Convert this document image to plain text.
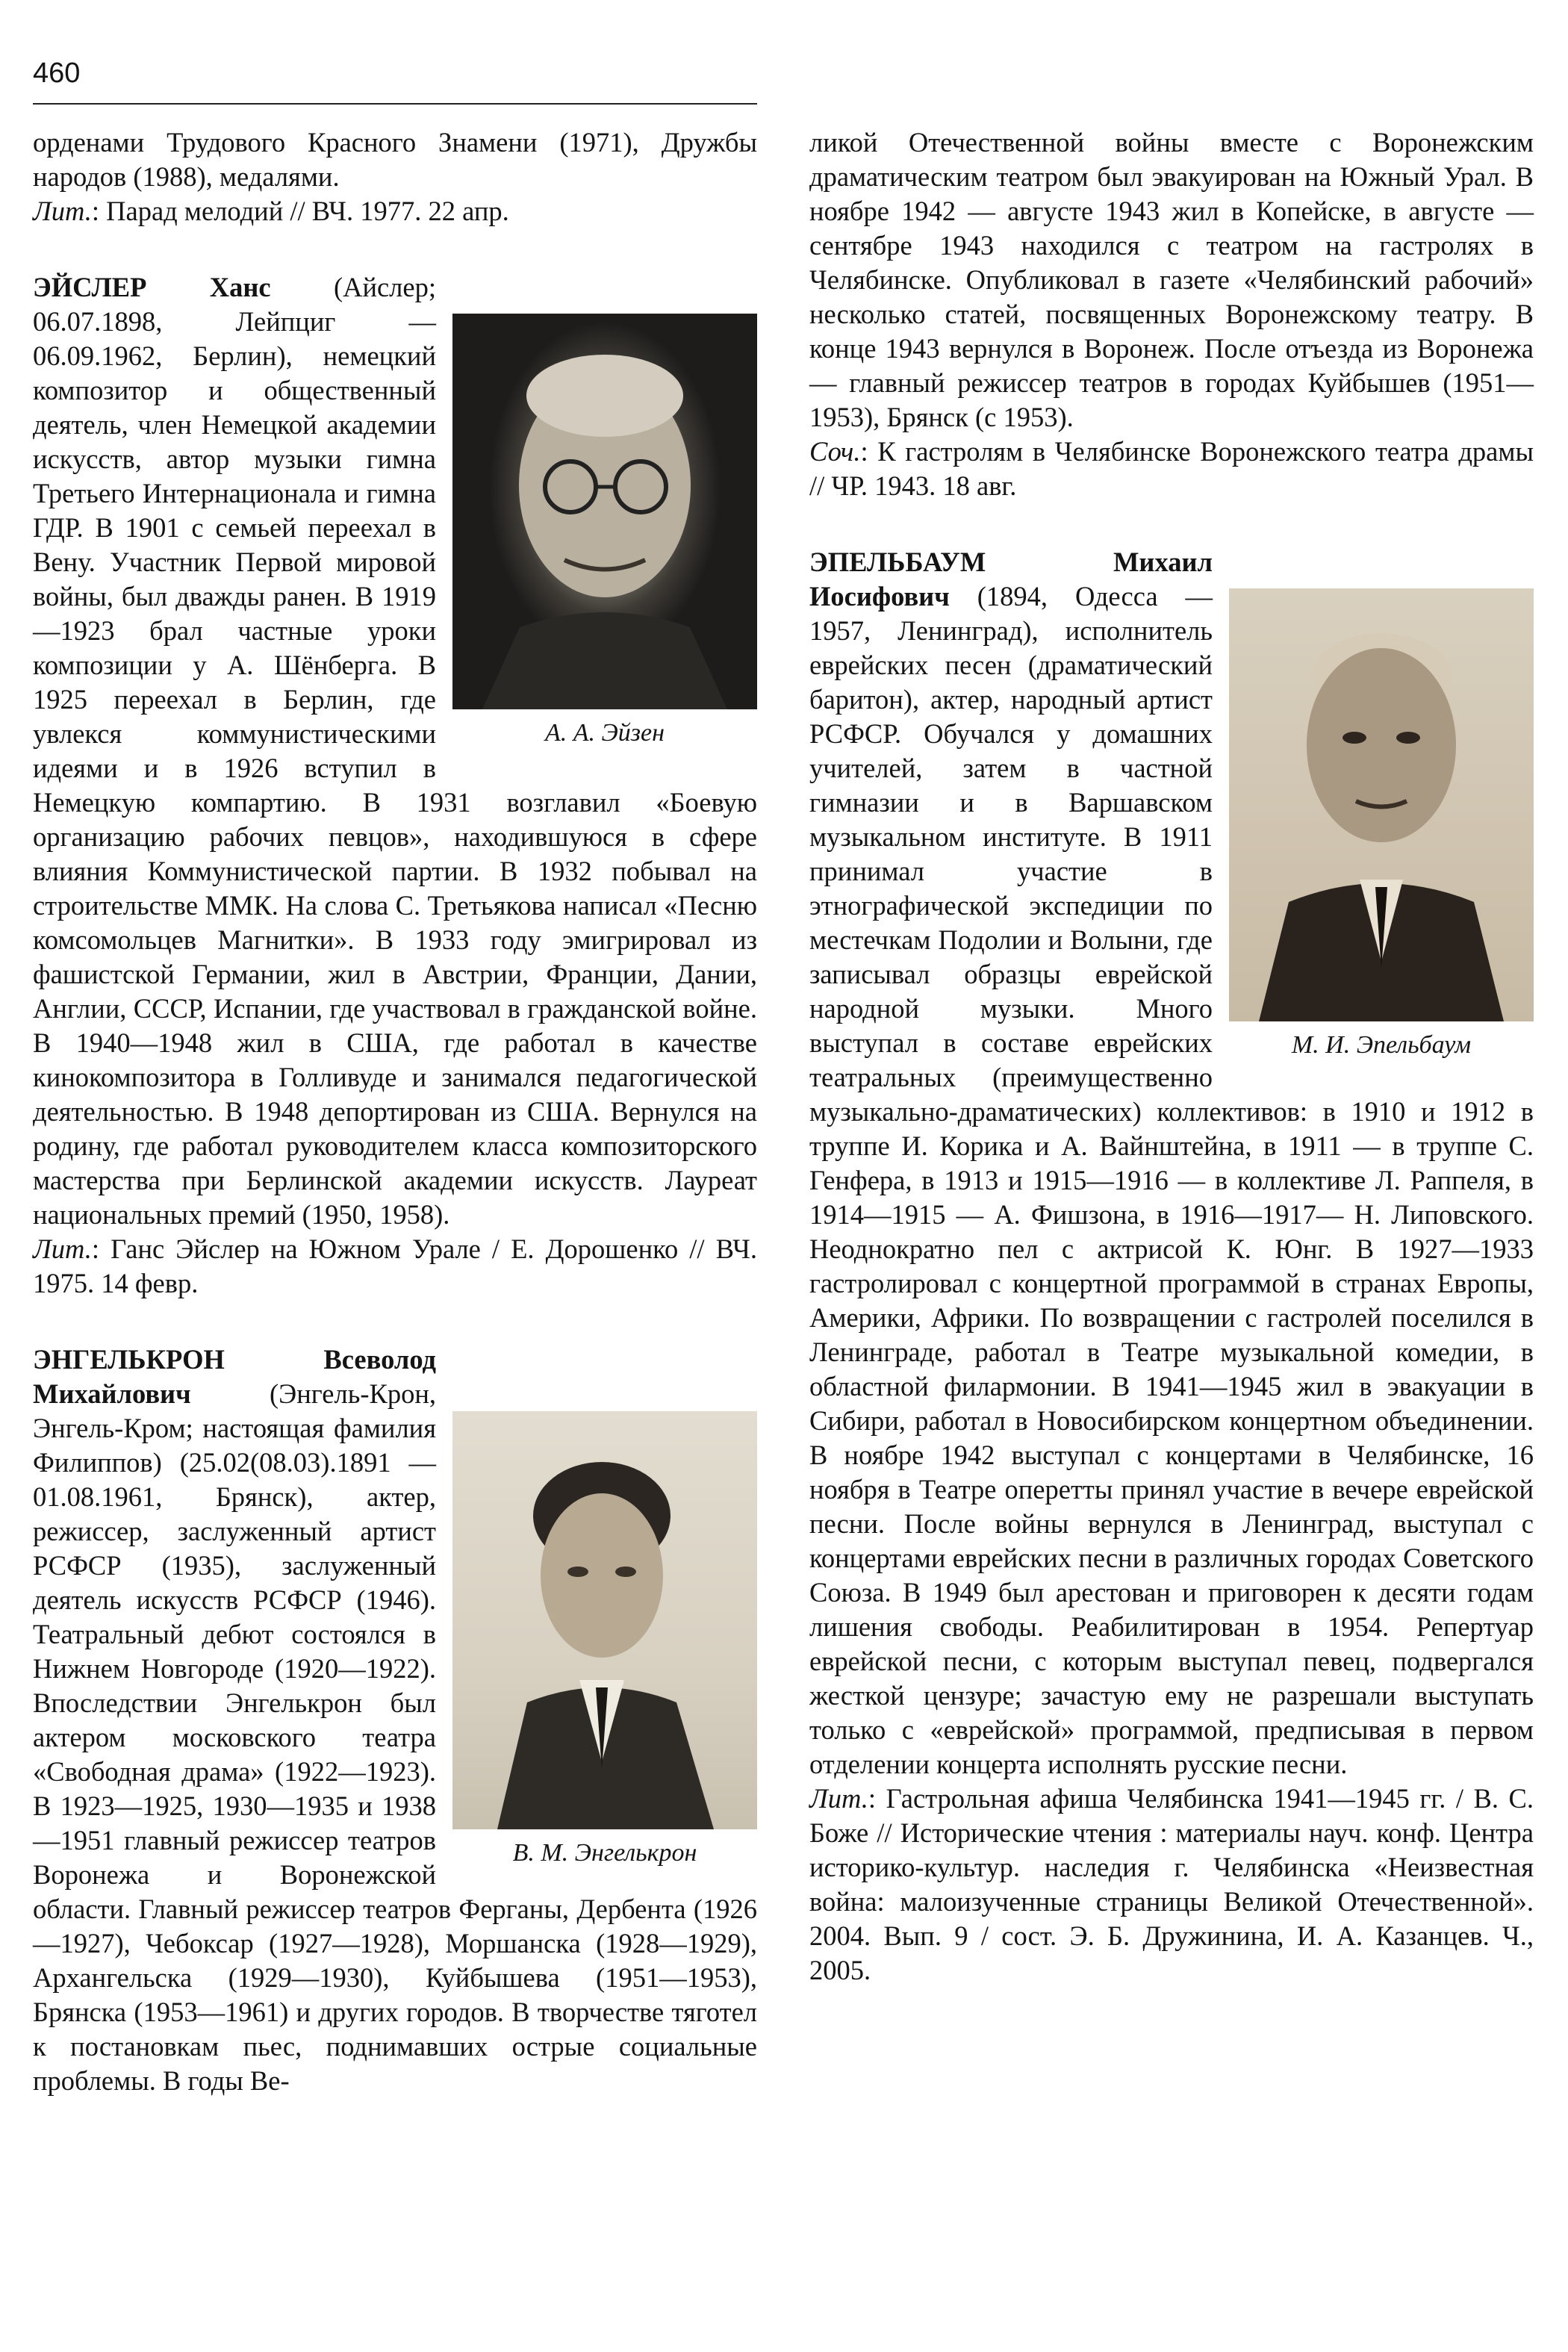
460

орденами Трудового Красного Знамени (1971), Дружбы народов (1988), медалями.

Лит.: Парад мелодий // ВЧ. 1977. 22 апр.

А. А. Эйзен

ЭЙСЛЕР Ханс (Айслер; 06.07.1898, Лейпциг — 06.09.1962, Берлин), немецкий композитор и общественный деятель, член Немецкой академии искусств, автор музыки гимна Третьего Интернационала и гимна ГДР. В 1901 с семьей переехал в Вену. Участник Первой мировой войны, был дважды ранен. В 1919—1923 брал частные уроки композиции у А. Шёнберга. В 1925 переехал в Берлин, где увлекся коммунистическими идеями и в 1926 вступил в Немецкую компартию. В 1931 возглавил «Боевую организацию рабочих певцов», находившуюся в сфере влияния Коммунистической партии. В 1932 побывал на строительстве ММК. На слова С. Третьякова написал «Песню комсомольцев Магнитки». В 1933 году эмигрировал из фашистской Германии, жил в Австрии, Франции, Дании, Англии, СССР, Испании, где участвовал в гражданской войне. В 1940—1948 жил в США, где работал в качестве кинокомпозитора в Голливуде и занимался педагогической деятельностью. В 1948 депортирован из США. Вернулся на родину, где работал руководителем класса композиторского мастерства при Берлинской академии искусств. Лауреат национальных премий (1950, 1958).

Лит.: Ганс Эйслер на Южном Урале / Е. Дорошенко // ВЧ. 1975. 14 февр.

В. М. Энгелькрон

ЭНГЕЛЬКРОН Всеволод Михайлович (Энгель-Крон, Энгель-Кром; настоящая фамилия Филиппов) (25.02(08.03).1891 — 01.08.1961, Брянск), актер, режиссер, заслуженный артист РСФСР (1935), заслуженный деятель искусств РСФСР (1946). Театральный дебют состоялся в Нижнем Новгороде (1920—1922). Впоследствии Энгелькрон был актером московского театра «Свободная драма» (1922—1923). В 1923—1925, 1930—1935 и 1938—1951 главный режиссер театров Воронежа и Воронежской области. Главный режиссер театров Ферганы, Дербента (1926—1927), Чебоксар (1927—1928), Моршанска (1928—1929), Архангельска (1929—1930), Куйбышева (1951—1953), Брянска (1953—1961) и других городов. В творчестве тяготел к постановкам пьес, поднимавших острые социальные проблемы. В годы Ве-

ликой Отечественной войны вместе с Воронежским драматическим театром был эвакуирован на Южный Урал. В ноябре 1942 — августе 1943 жил в Копейске, в августе — сентябре 1943 находился с театром на гастролях в Челябинске. Опубликовал в газете «Челябинский рабочий» несколько статей, посвященных Воронежскому театру. В конце 1943 вернулся в Воронеж. После отъезда из Воронежа — главный режиссер театров в городах Куйбышев (1951—1953), Брянск (с 1953).

Соч.: К гастролям в Челябинске Воронежского театра драмы // ЧР. 1943. 18 авг.

М. И. Эпельбаум

ЭПЕЛЬБАУМ Михаил Иосифович (1894, Одесса — 1957, Ленинград), исполнитель еврейских песен (драматический баритон), актер, народный артист РСФСР. Обучался у домашних учителей, затем в частной гимназии и в Варшавском музыкальном институте. В 1911 принимал участие в этнографической экспедиции по местечкам Подолии и Волыни, где записывал образцы еврейской народной музыки. Много выступал в составе еврейских театральных (преимущественно музыкально-драматических) коллективов: в 1910 и 1912 в труппе И. Корика и А. Вайнштейна, в 1911 — в труппе С. Генфера, в 1913 и 1915—1916 — в коллективе Л. Раппеля, в 1914—1915 — А. Фишзона, в 1916—1917— Н. Липовского. Неоднократно пел с актрисой К. Юнг. В 1927—1933 гастролировал с концертной программой в странах Европы, Америки, Африки. По возвращении с гастролей поселился в Ленинграде, работал в Театре музыкальной комедии, в областной филармонии. В 1941—1945 жил в эвакуации в Сибири, работал в Новосибирском концертном объединении. В ноябре 1942 выступал с концертами в Челябинске, 16 ноября в Театре оперетты принял участие в вечере еврейской песни. После войны вернулся в Ленинград, выступал с концертами еврейских песни в различных городах Советского Союза. В 1949 был арестован и приговорен к десяти годам лишения свободы. Реабилитирован в 1954. Репертуар еврейской песни, с которым выступал певец, подвергался жесткой цензуре; зачастую ему не разрешали выступать только с «еврейской» программой, предписывая в первом отделении концерта исполнять русские песни.

Лит.: Гастрольная афиша Челябинска 1941—1945 гг. / В. С. Боже // Исторические чтения : материалы науч. конф. Центра историко-культур. наследия г. Челябинска «Неизвестная война: малоизученные страницы Великой Отечественной». 2004. Вып. 9 / сост. Э. Б. Дружинина, И. А. Казанцев. Ч., 2005.
